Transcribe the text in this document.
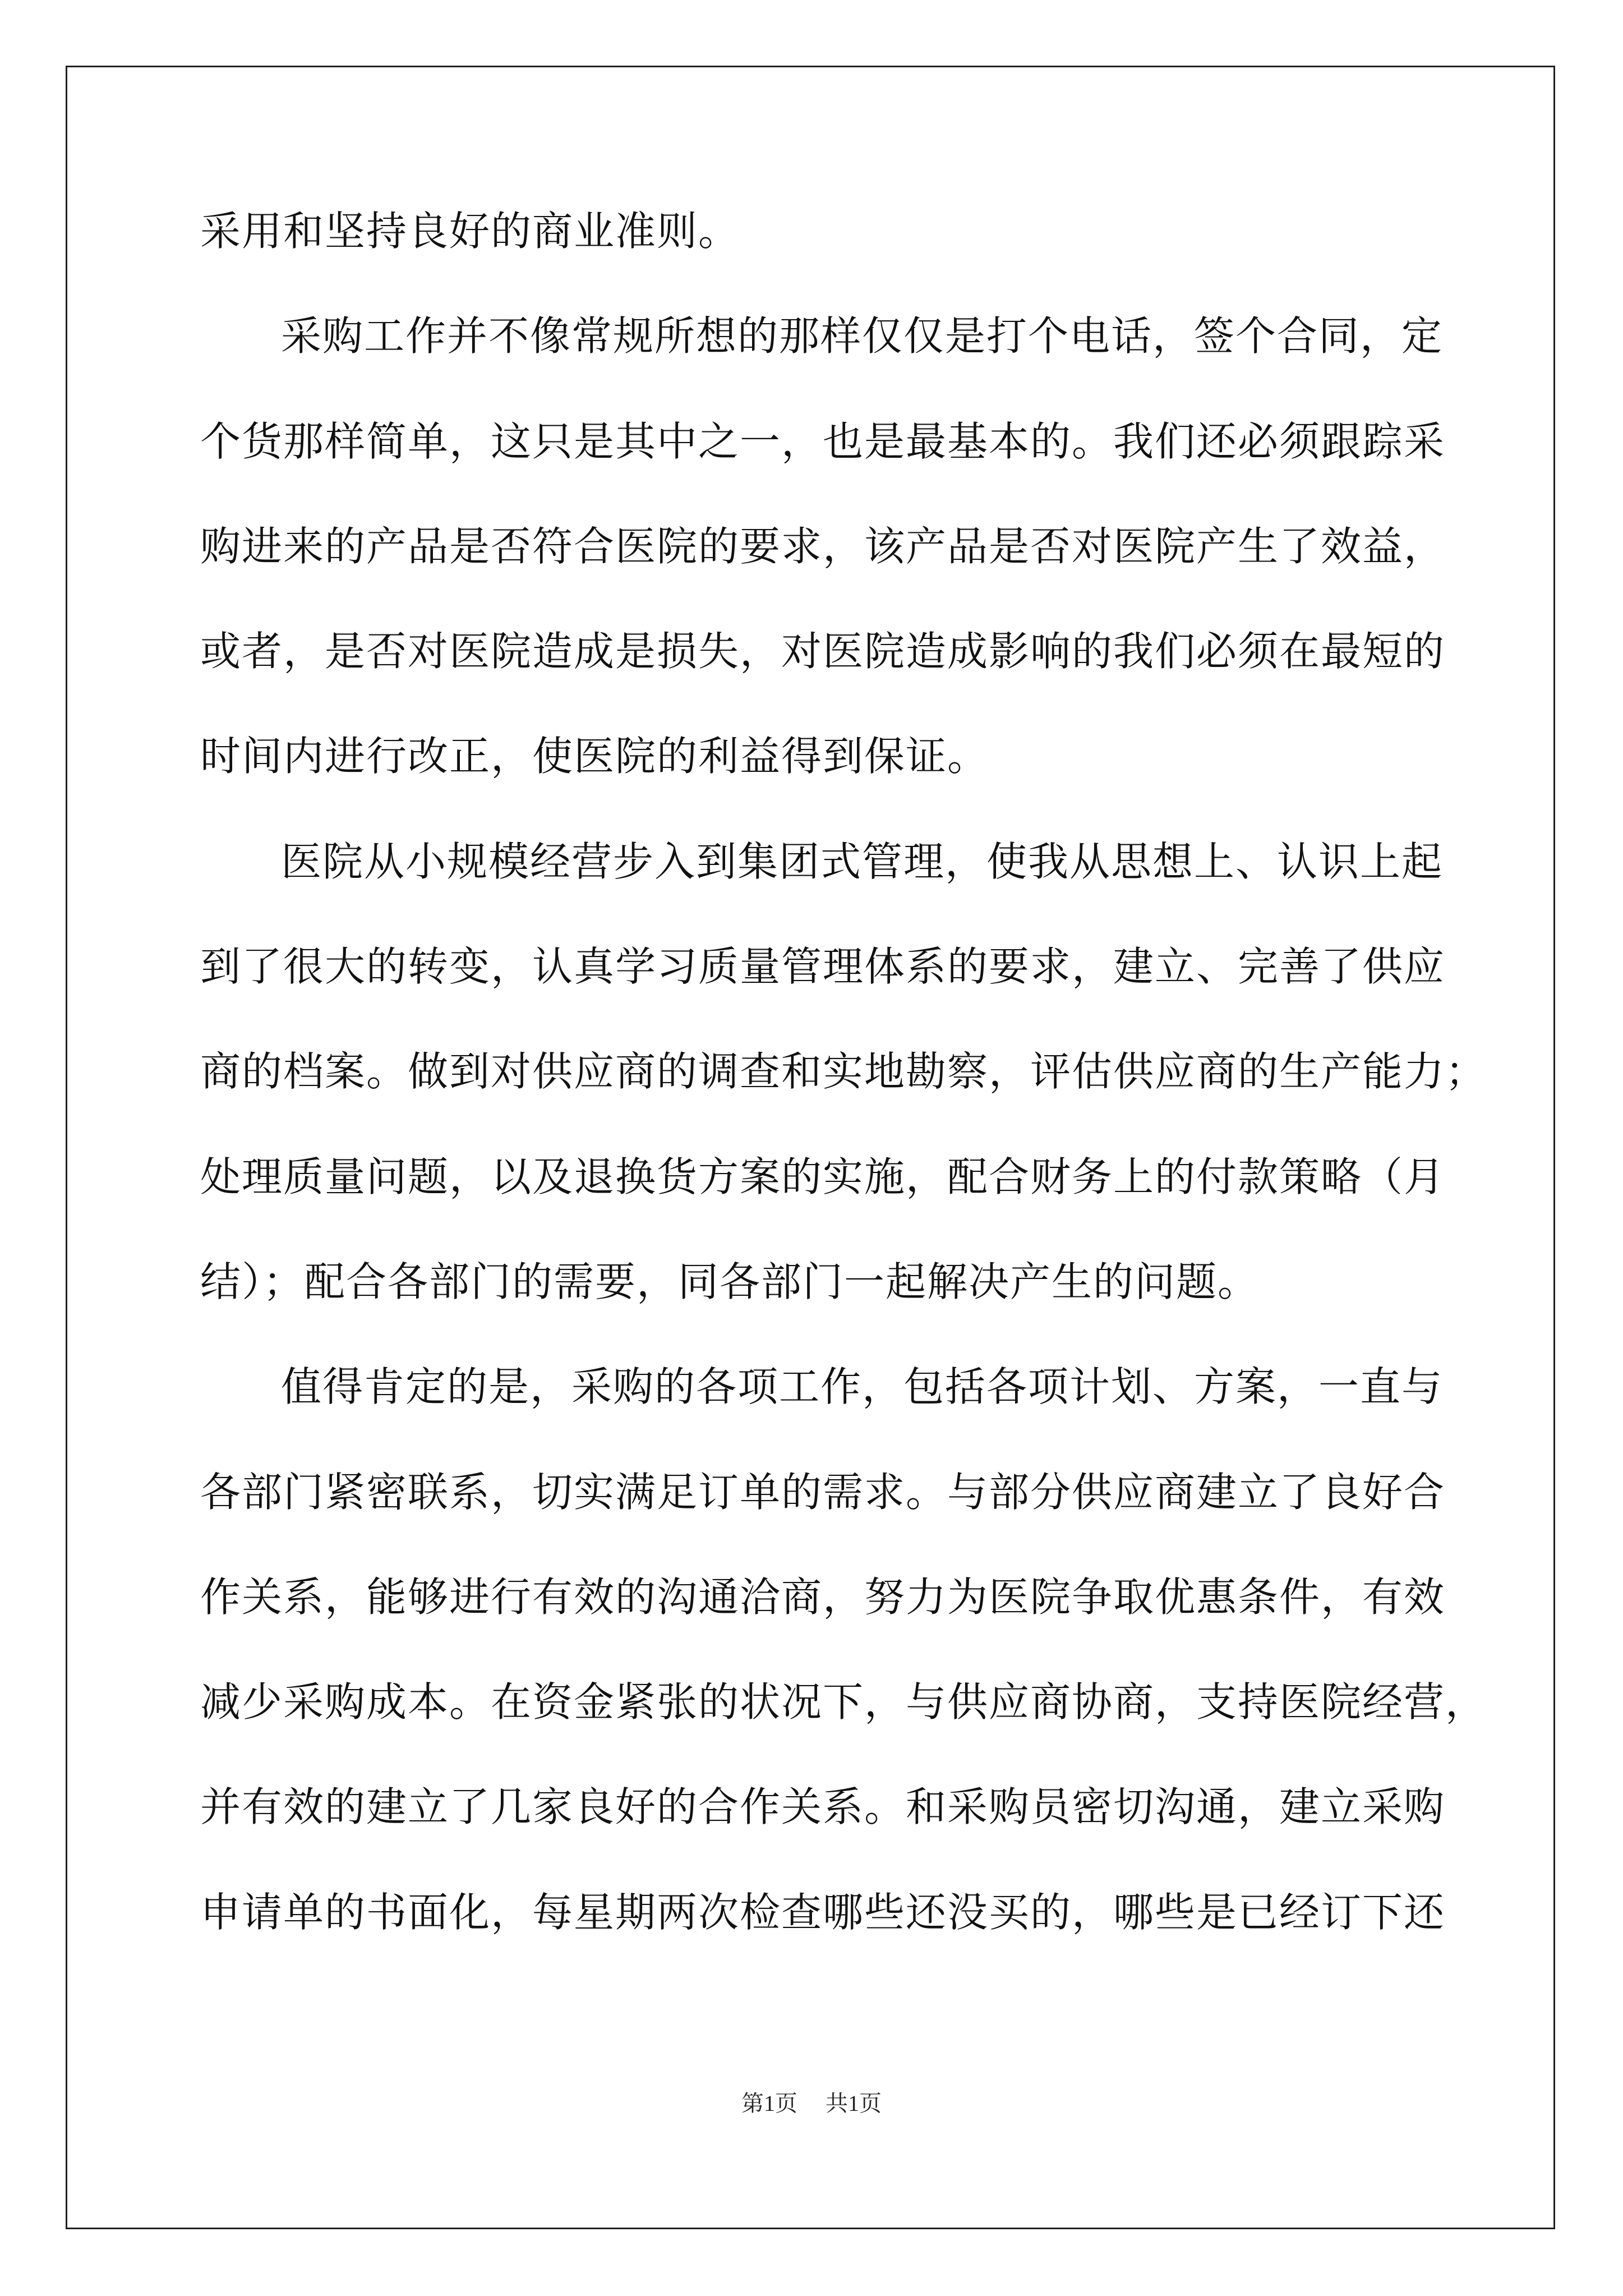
采用和坚持良好的商业准则。

采购工作并不像常规所想的那样仅仅是打个电话，签个合同，定

个货那样简单，这只是其中之一，也是最基本的。我们还必须跟踪采

购进来的产品是否符合医院的要求，该产品是否对医院产生了效益，

或者，是否对医院造成是损失，对医院造成影响的我们必须在最短的

时间内进行改正，使医院的利益得到保证。

医院从小规模经营步入到集团式管理，使我从思想上、认识上起

到了很大的转变，认真学习质量管理体系的要求，建立、完善了供应

商的档案。做到对供应商的调查和实地勘察，评估供应商的生产能力；

处理质量问题，以及退换货方案的实施，配合财务上的付款策略（月

结）；配合各部门的需要，同各部门一起解决产生的问题。

值得肯定的是，采购的各项工作，包括各项计划、方案，一直与

各部门紧密联系，切实满足订单的需求。与部分供应商建立了良好合

作关系，能够进行有效的沟通洽商，努力为医院争取优惠条件，有效

减少采购成本。在资金紧张的状况下，与供应商协商，支持医院经营，

并有效的建立了几家良好的合作关系。和采购员密切沟通，建立采购

申请单的书面化，每星期两次检查哪些还没买的，哪些是已经订下还

第1页 共1页
